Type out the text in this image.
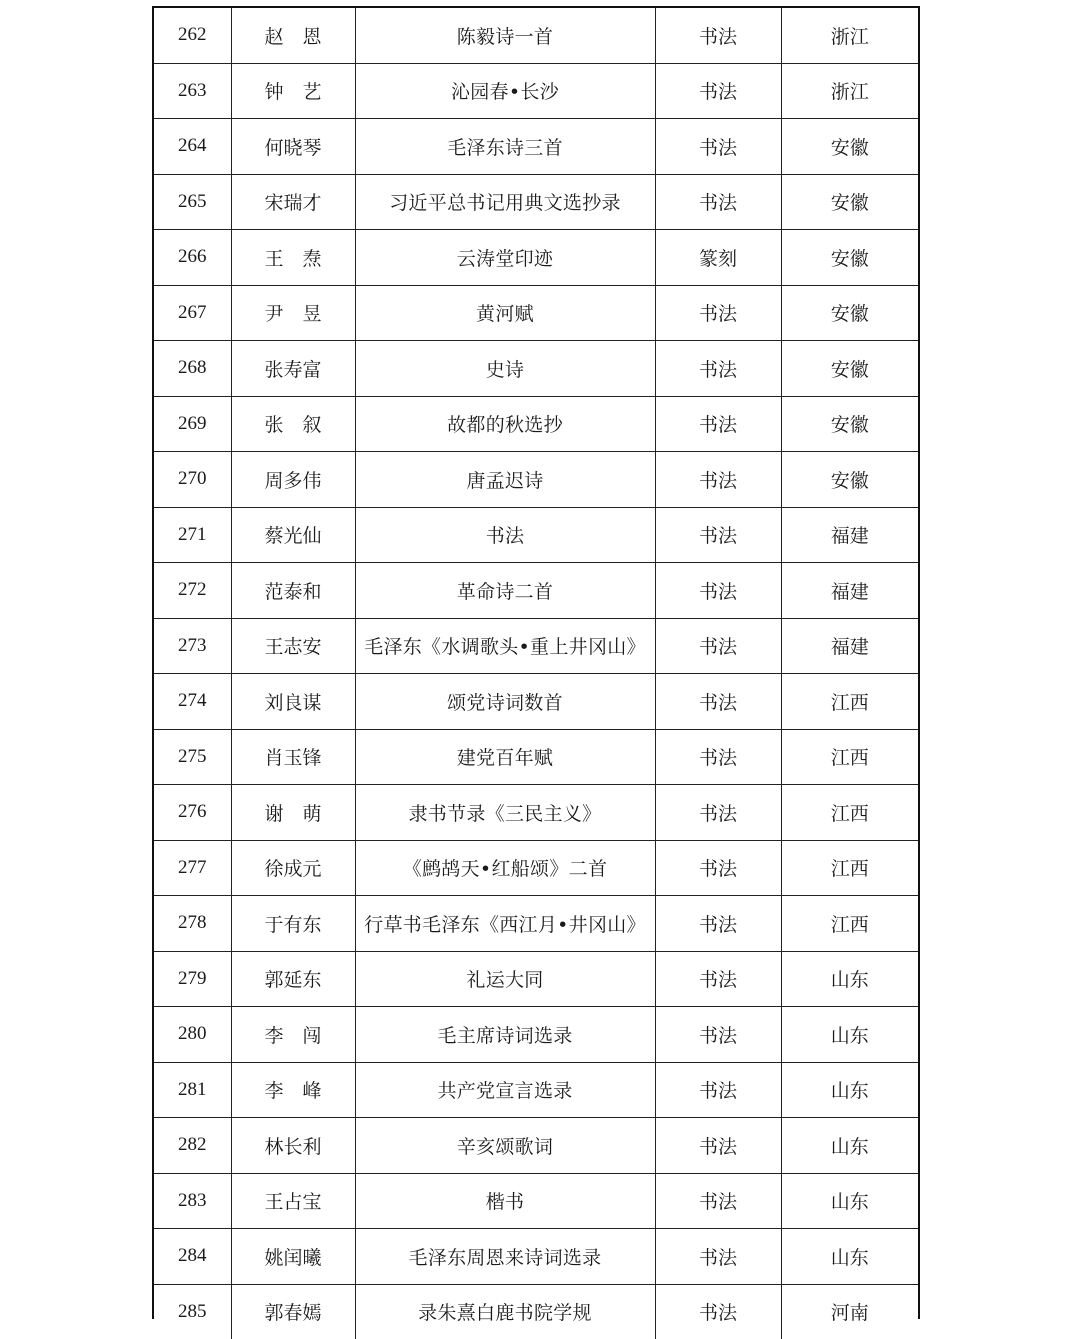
262	赵　恩	陈毅诗一首	书法	浙江
263	钟　艺	沁园春•长沙	书法	浙江
264	何晓琴	毛泽东诗三首	书法	安徽
265	宋瑞才	习近平总书记用典文选抄录	书法	安徽
266	王　焘	云涛堂印迹	篆刻	安徽
267	尹　昱	黄河赋	书法	安徽
268	张寿富	史诗	书法	安徽
269	张　叙	故都的秋选抄	书法	安徽
270	周多伟	唐孟迟诗	书法	安徽
271	蔡光仙	书法	书法	福建
272	范泰和	革命诗二首	书法	福建
273	王志安	毛泽东《水调歌头•重上井冈山》	书法	福建
274	刘良谋	颂党诗词数首	书法	江西
275	肖玉锋	建党百年赋	书法	江西
276	谢　萌	隶书节录《三民主义》	书法	江西
277	徐成元	《鹧鸪天•红船颂》二首	书法	江西
278	于有东	行草书毛泽东《西江月•井冈山》	书法	江西
279	郭延东	礼运大同	书法	山东
280	李　闯	毛主席诗词选录	书法	山东
281	李　峰	共产党宣言选录	书法	山东
282	林长利	辛亥颂歌词	书法	山东
283	王占宝	楷书	书法	山东
284	姚闰曦	毛泽东周恩来诗词选录	书法	山东
285	郭春嫣	录朱熹白鹿书院学规	书法	河南
